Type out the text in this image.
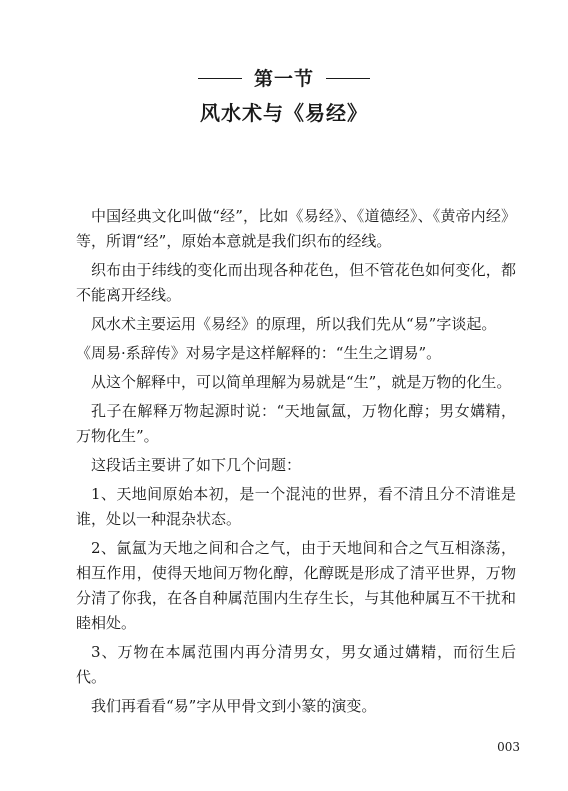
第一节
风水术与《易经》

中国经典文化叫做“经”，比如《易经》、《道德经》、《黄帝内经》等，所谓“经”，原始本意就是我们织布的经线。

织布由于纬线的变化而出现各种花色，但不管花色如何变化，都不能离开经线。

风水术主要运用《易经》的原理，所以我们先从“易”字谈起。

《周易·系辞传》对易字是这样解释的：“生生之谓易”。

从这个解释中，可以简单理解为易就是“生”，就是万物的化生。

孔子在解释万物起源时说：“天地氤氲，万物化醇；男女媾精，万物化生”。

这段话主要讲了如下几个问题：

1、天地间原始本初，是一个混沌的世界，看不清且分不清谁是谁，处以一种混杂状态。

2、氤氲为天地之间和合之气，由于天地间和合之气互相涤荡，相互作用，使得天地间万物化醇，化醇既是形成了清平世界，万物分清了你我，在各自种属范围内生存生长，与其他种属互不干扰和睦相处。

3、万物在本属范围内再分清男女，男女通过媾精，而衍生后代。

我们再看看“易”字从甲骨文到小篆的演变。

003
